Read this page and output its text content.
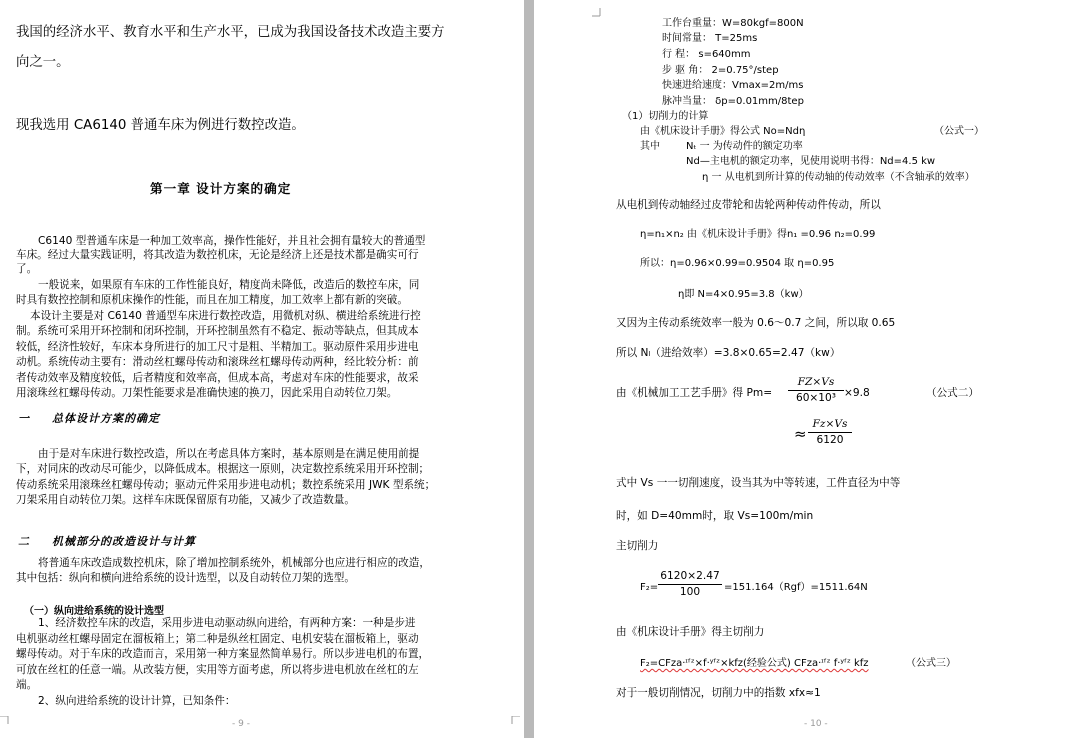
我国的经济水平、教育水平和生产水平，已成为我国设备技术改造主要方
向之一。
现我选用 CA6140 普通车床为例进行数控改造。
第一章 设计方案的确定
C6140 型普通车床是一种加工效率高，操作性能好，并且社会拥有量较大的普通型
车床。经过大量实践证明，将其改造为数控机床，无论是经济上还是技术都是确实可行
了。
一般说来，如果原有车床的工作性能良好，精度尚未降低，改造后的数控车床，同
时具有数控控制和原机床操作的性能，而且在加工精度，加工效率上都有新的突破。
本设计主要是对 C6140 普通型车床进行数控改造，用微机对纵、横进给系统进行控
制。系统可采用开环控制和闭环控制，开环控制虽然有不稳定、振动等缺点，但其成本
较低，经济性较好，车床本身所进行的加工尺寸是粗、半精加工。驱动原件采用步进电
动机。系统传动主要有：滑动丝杠螺母传动和滚珠丝杠螺母传动两种，经比较分析：前
者传动效率及精度较低，后者精度和效率高，但成本高，考虑对车床的性能要求，故采
用滚珠丝杠螺母传动。刀架性能要求是准确快速的换刀，因此采用自动转位刀架。
一 总体设计方案的确定
由于是对车床进行数控改造，所以在考虑具体方案时，基本原则是在满足使用前提
下，对同床的改动尽可能少，以降低成本。根据这一原则，决定数控系统采用开环控制；
传动系统采用滚珠丝杠螺母传动；驱动元件采用步进电动机；数控系统采用 JWK 型系统；
刀架采用自动转位刀架。这样车床既保留原有功能，又减少了改造数量。
二 机械部分的改造设计与计算
将普通车床改造成数控机床，除了增加控制系统外，机械部分也应进行相应的改造，
其中包括：纵向和横向进给系统的设计选型，以及自动转位刀架的选型。
（一）纵向进给系统的设计选型
1、经济数控车床的改造，采用步进电动驱动纵向进给，有两种方案：一种是步进
电机驱动丝杠螺母固定在溜板箱上；第二种是纵丝杠固定、电机安装在溜板箱上，驱动
螺母传动。对于车床的改造而言，采用第一种方案显然简单易行。所以步进电机的布置，
可放在丝杠的任意一端。从改装方便，实用等方面考虑，所以将步进电机放在丝杠的左
端。
2、纵向进给系统的设计计算，已知条件：
- 9 -
工作台重量：W=80kgf=800N
时间常量： T=25ms
行 程： s=640mm
步 驱 角： 2=0.75°/step
快速进给速度：Vmax=2m/ms
脉冲当量： δp=0.01mm/8tep
（1）切削力的计算
由《机床设计手册》得公式 No=Ndη	（公式一）
其中	Nₜ 一 为传动件的额定功率
Nd—主电机的额定功率，见使用说明书得：Nd=4.5 kw
η 一 从电机到所计算的传动轴的传动效率（不含轴承的效率）
从电机到传动轴经过皮带轮和齿轮两种传动件传动，所以
η=n₁×n₂ 由《机床设计手册》得n₁ =0.96 n₂=0.99
所以：η=0.96×0.99=0.9504 取 η=0.95
η即 N=4×0.95=3.8（kw）
又因为主传动系统效率一般为 0.6～0.7 之间，所以取 0.65
所以 Nₗ（进给效率）=3.8×0.65=2.47（kw）
由《机械加工工艺手册》得 Pm=
FZ×Vs
60×10³ ×9.8	（公式二）
≈
Fz×Vs
6120
式中 Vs 一一切削速度，设当其为中等转速，工件直径为中等
时，如 D=40mm时，取 Vs=100m/min
主切削力
F₂=
6120×2.47
100	=151.164（Rgf）=1511.64N
由《机床设计手册》得主切削力
F₂=CFza·ᶦᶠᶻ×f·ʸᶠᶻ×kfz(经验公式) CFza·ᶦᶠᶻ f·ʸᶠᶻ kfz	（公式三）
对于一般切削情况，切削力中的指数 xfx≈1
- 10 -
